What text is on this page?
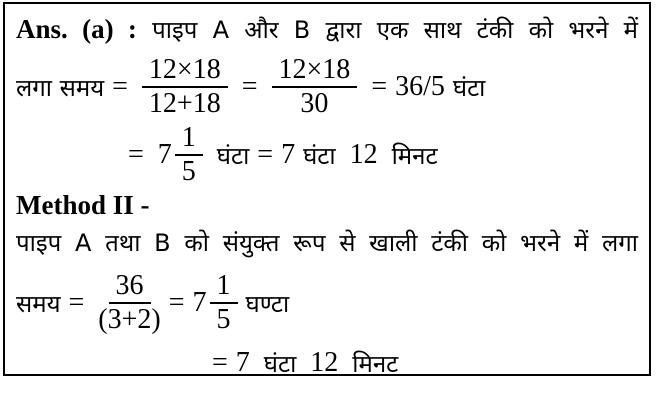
Ans. (a) : पाइप A और B द्वारा एक साथ टंकी को भरने में
लगा समय = $\frac{12\times 18}{12+18} = \frac{12\times 18}{30} = 36/5$ घंटा
= $7 \frac{1}{5}$ घंटा = 7 घंटा 12 मिनट
Method II -
पाइप A तथा B को संयुक्त रूप से खाली टंकी को भरने में लगा
समय = $\frac{36}{(3+2)} = 7 \frac{1}{5}$ घण्टा
= 7 घंटा 12 मिनट
